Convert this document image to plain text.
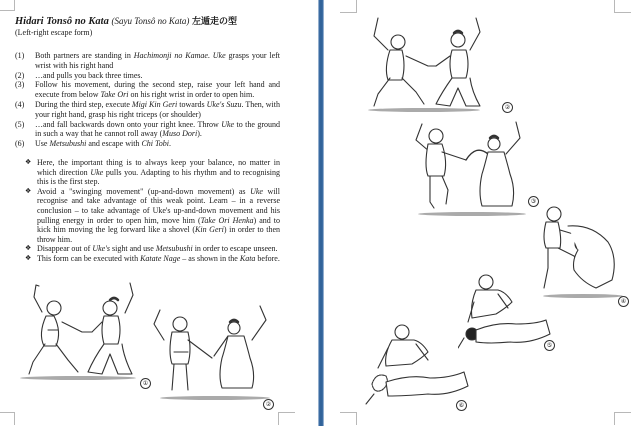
Hidari Tonsô no Kata (Sayu Tonsô no Kata) 左遁走の型
(Left-right escape form)
(1)	Both partners are standing in Hachimonji no Kamae. Uke grasps your left wrist with his right hand
(2)	…and pulls you back three times.
(3)	Follow his movement, during the second step, raise your left hand and execute from below Take Ori on his right wrist in order to open him.
(4)	During the third step, execute Migi Kin Geri towards Uke's Suzu. Then, with your right hand, grasp his right triceps (or shoulder)
(5)	…and fall backwards down onto your right knee. Throw Uke to the ground in such a way that he cannot roll away (Muso Dori).
(6)	Use Metsubushi and escape with Chi Tobi.
❖ Here, the important thing is to always keep your balance, no matter in which direction Uke pulls you. Adapting to his rhythm and to recognising this is the first step.
❖ Avoid a "swinging movement" (up-and-down movement) as Uke will recognise and take advantage of this weak point. Learn – in a reverse conclusion – to take advantage of Uke's up-and-down movement and his pulling energy in order to open him, move him (Take Ori Henka) and to kick him moving the leg forward like a shovel (Kin Geri) in order to then throw him.
❖ Disappear out of Uke's sight and use Metsubushi in order to escape unseen.
❖ This form can be executed with Katate Nage – as shown in the Kata before.
①
②
②
③
④
⑤
⑥
